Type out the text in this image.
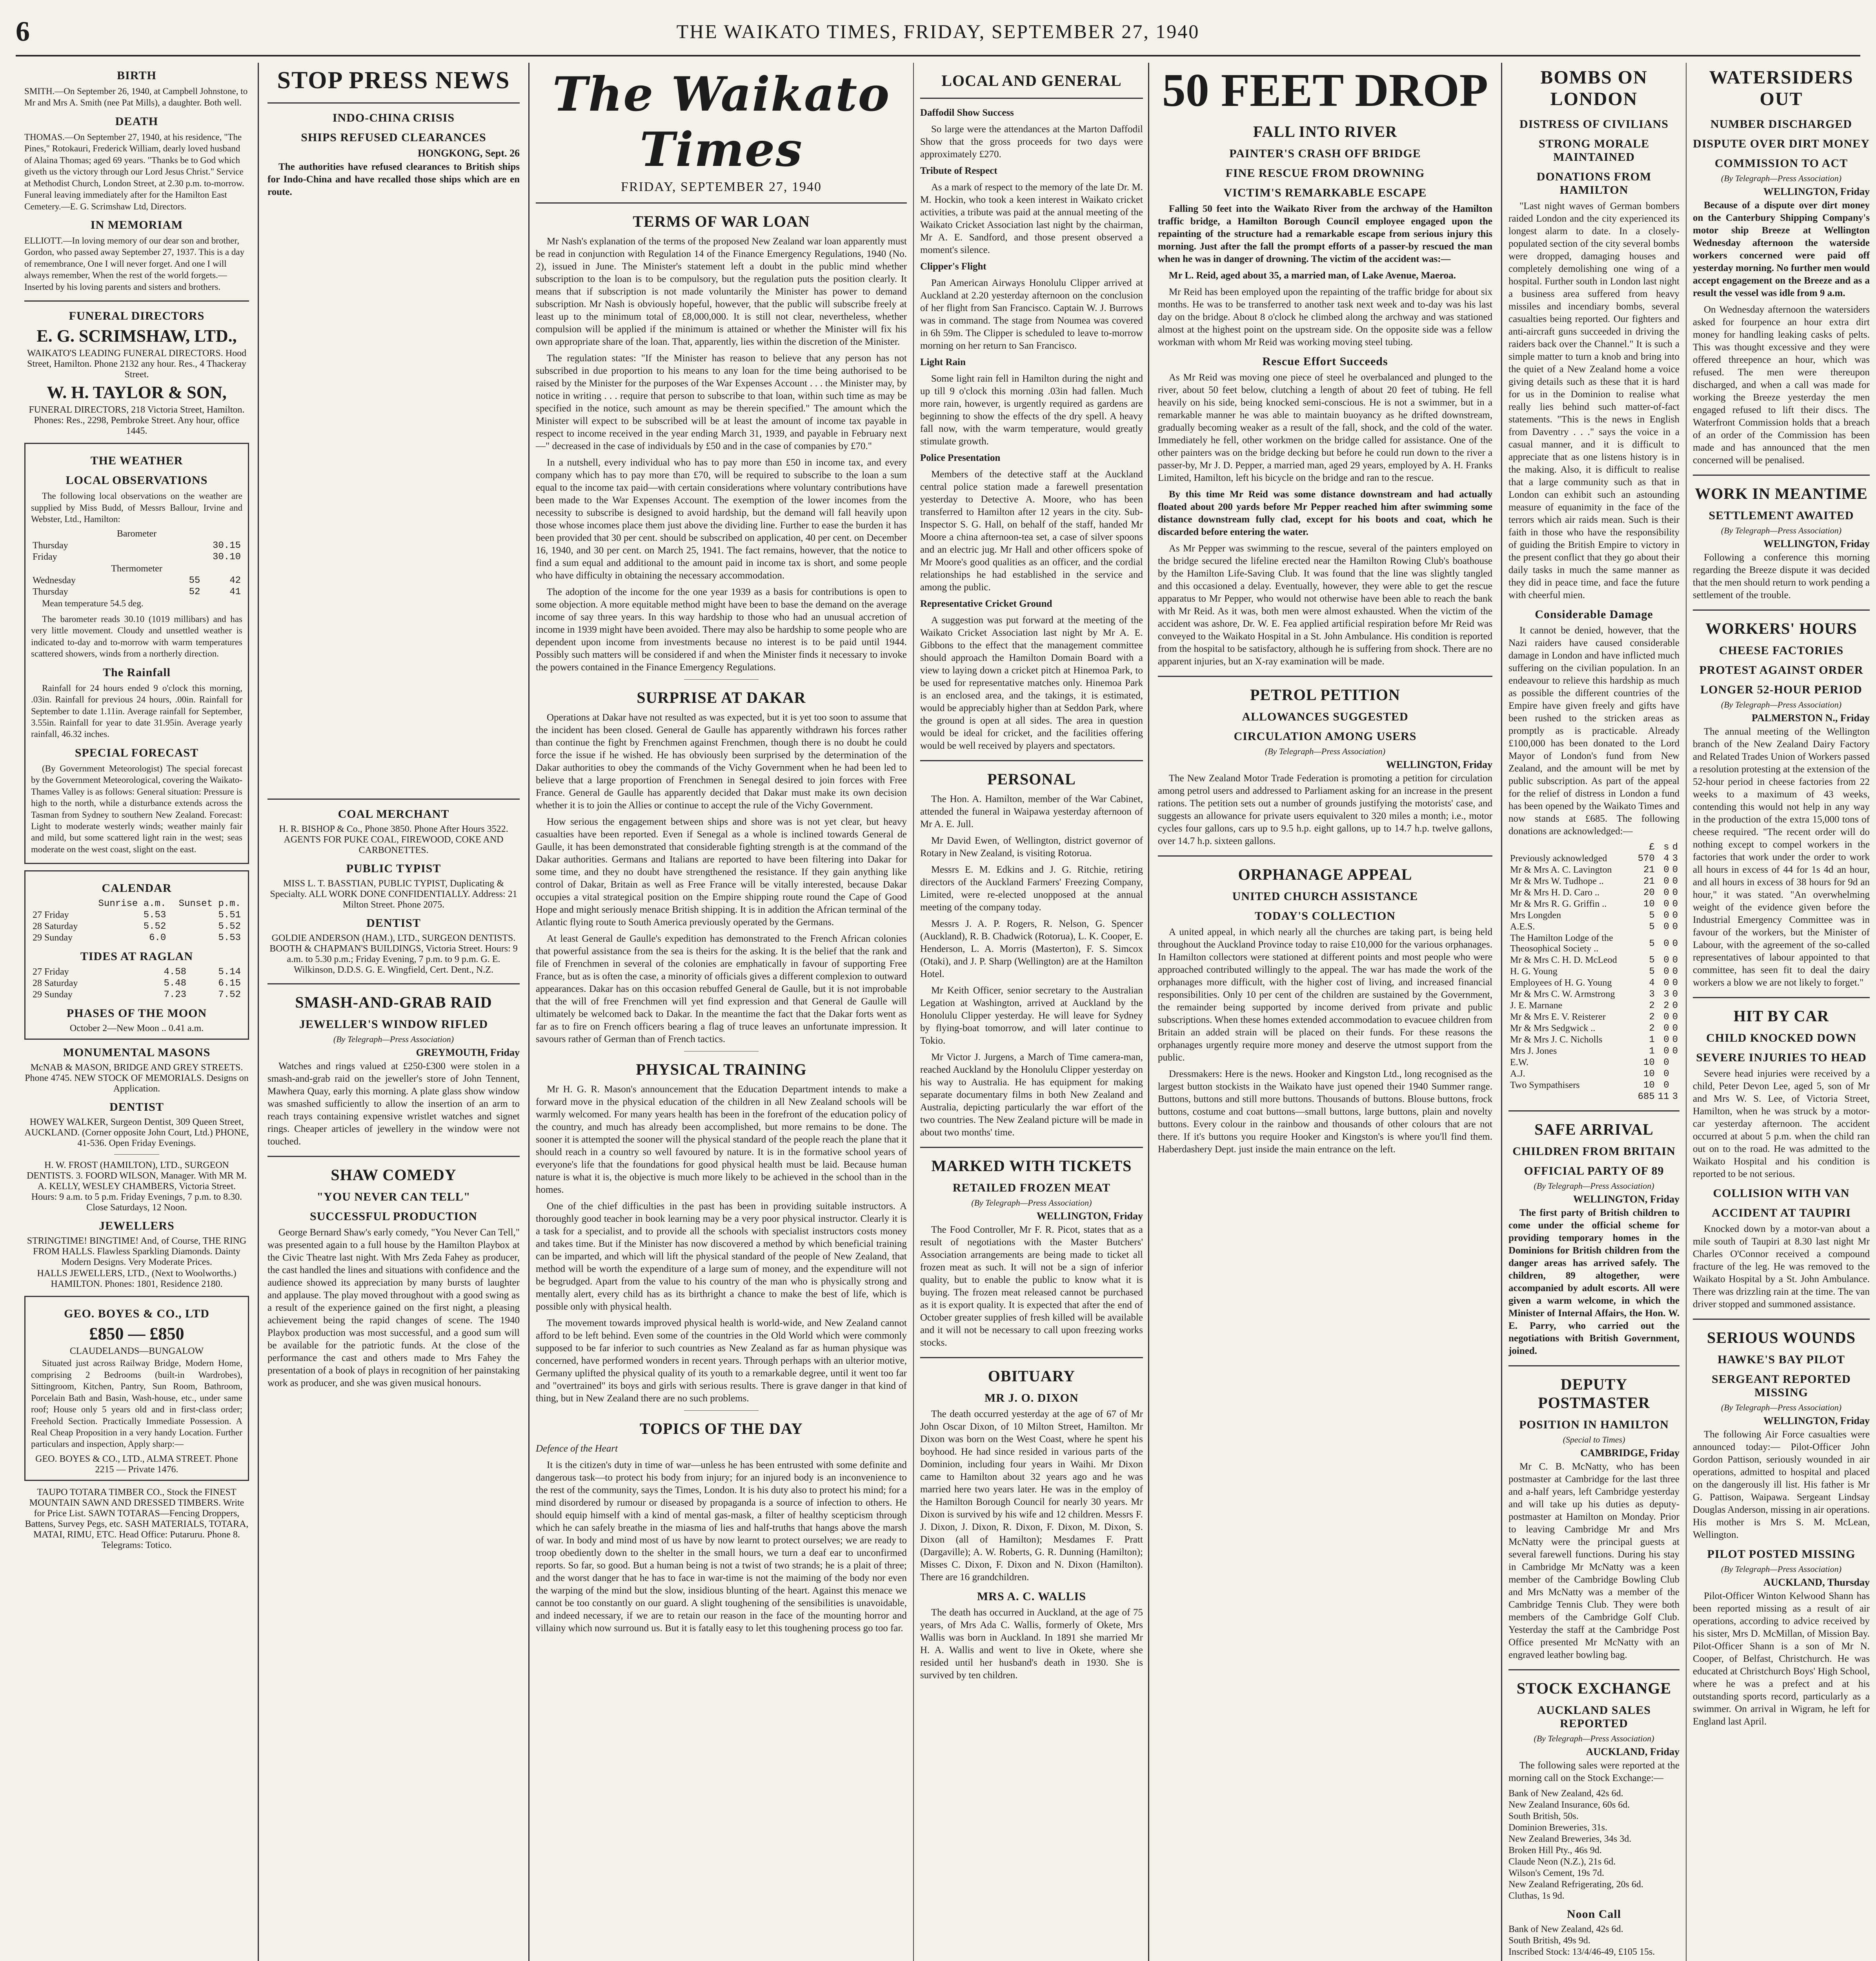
6	THE WAIKATO TIMES, FRIDAY, SEPTEMBER 27, 1940
BIRTH

SMITH.—On September 26, 1940, at Campbell Johnstone, to Mr and Mrs A. Smith (nee Pat Mills), a daughter. Both well.

DEATH

THOMAS.—On September 27, 1940, at his residence, "The Pines," Rotokauri, Frederick William, dearly loved husband of Alaina Thomas; aged 69 years. "Thanks be to God which giveth us the victory through our Lord Jesus Christ." Service at Methodist Church, London Street, at 2.30 p.m. to-morrow. Funeral leaving immediately after for the Hamilton East Cemetery.—E. G. Scrimshaw Ltd, Directors.

IN MEMORIAM

ELLIOTT.—In loving memory of our dear son and brother, Gordon, who passed away September 27, 1937. This is a day of remembrance, One I will never forget. And one I will always remember, When the rest of the world forgets.—Inserted by his loving parents and sisters and brothers.

FUNERAL DIRECTORS
E. G. SCRIMSHAW, LTD.,
WAIKATO'S LEADING FUNERAL DIRECTORS. Hood Street, Hamilton. Phone 2132 any hour. Res., 4 Thackeray Street.
W. H. TAYLOR & SON,
FUNERAL DIRECTORS, 218 Victoria Street, Hamilton. Phones: Res., 2298, Pembroke Street. Any hour, office 1445.
THE WEATHER
LOCAL OBSERVATIONS

The following local observations on the weather are supplied by Miss Budd, of Messrs Ballour, Irvine and Webster, Ltd., Hamilton:

Barometer
Thursday	30.15
Friday	30.10
Thermometer
Wednesday	55	42
Thursday	52	41

Mean temperature 54.5 deg.

The barometer reads 30.10 (1019 millibars) and has very little movement. Cloudy and unsettled weather is indicated to-day and to-morrow with warm temperatures scattered showers, winds from a northerly direction.

The Rainfall

Rainfall for 24 hours ended 9 o'clock this morning, .03in. Rainfall for previous 24 hours, .00in. Rainfall for September to date 1.11in. Average rainfall for September, 3.55in. Rainfall for year to date 31.95in. Average yearly rainfall, 46.32 inches.

SPECIAL FORECAST

(By Government Meteorologist) The special forecast by the Government Meteorological, covering the Waikato-Thames Valley is as follows: General situation: Pressure is high to the north, while a disturbance extends across the Tasman from Sydney to southern New Zealand. Forecast: Light to moderate westerly winds; weather mainly fair and mild, but some scattered light rain in the west; seas moderate on the west coast, slight on the east.

CALENDAR
	Sunrise a.m.	Sunset p.m.
27 Friday	5.53	5.51
28 Saturday	5.52	5.52
29 Sunday	6.0	5.53
TIDES AT RAGLAN
27 Friday	4.58	5.14
28 Saturday	5.48	6.15
29 Sunday	7.23	7.52
PHASES OF THE MOON
October 2—New Moon .. 0.41 a.m.
MONUMENTAL MASONS
McNAB & MASON, BRIDGE AND GREY STREETS. Phone 4745. NEW STOCK OF MEMORIALS. Designs on Application.
DENTIST
HOWEY WALKER, Surgeon Dentist, 309 Queen Street, AUCKLAND. (Corner opposite John Court, Ltd.) PHONE, 41-536. Open Friday Evenings.
H. W. FROST (HAMILTON), LTD., SURGEON DENTISTS. 3. FOORD WILSON, Manager. With MR M. A. KELLY, WESLEY CHAMBERS, Victoria Street. Hours: 9 a.m. to 5 p.m. Friday Evenings, 7 p.m. to 8.30. Close Saturdays, 12 Noon.
JEWELLERS
STRINGTIME! BINGTIME! And, of Course, THE RING FROM HALLS. Flawless Sparkling Diamonds. Dainty Modern Designs. Very Moderate Prices.
HALLS JEWELLERS, LTD., (Next to Woolworths.) HAMILTON. Phones: 1801, Residence 2180.
GEO. BOYES & CO., LTD
£850 — £850
CLAUDELANDS—BUNGALOW

Situated just across Railway Bridge, Modern Home, comprising 2 Bedrooms (built-in Wardrobes), Sittingroom, Kitchen, Pantry, Sun Room, Bathroom, Porcelain Bath and Basin, Wash-house, etc., under same roof; House only 5 years old and in first-class order; Freehold Section. Practically Immediate Possession. A Real Cheap Proposition in a very handy Location. Further particulars and inspection, Apply sharp:—

GEO. BOYES & CO., LTD., ALMA STREET. Phone 2215 — Private 1476.
TAUPO TOTARA TIMBER CO., Stock the FINEST MOUNTAIN SAWN AND DRESSED TIMBERS. Write for Price List. SAWN TOTARAS—Fencing Droppers, Battens, Survey Pegs, etc. SASH MATERIALS, TOTARA, MATAI, RIMU, ETC. Head Office: Putaruru. Phone 8. Telegrams: Totico.
STOP PRESS NEWS
INDO-CHINA CRISIS
SHIPS REFUSED CLEARANCES
HONGKONG, Sept. 26

The authorities have refused clearances to British ships for Indo-China and have recalled those ships which are en route.

COAL MERCHANT
H. R. BISHOP & Co., Phone 3850. Phone After Hours 3522. AGENTS FOR PUKE COAL, FIREWOOD, COKE AND CARBONETTES.
PUBLIC TYPIST
MISS L. T. BASSTIAN, PUBLIC TYPIST, Duplicating & Specialty. ALL WORK DONE CONFIDENTIALLY. Address: 21 Milton Street. Phone 2075.
DENTIST
GOLDIE ANDERSON (HAM.), LTD., SURGEON DENTISTS. BOOTH & CHAPMAN'S BUILDINGS, Victoria Street. Hours: 9 a.m. to 5.30 p.m.; Friday Evening, 7 p.m. to 9 p.m. G. E. Wilkinson, D.D.S. G. E. Wingfield, Cert. Dent., N.Z.
SMASH-AND-GRAB RAID
JEWELLER'S WINDOW RIFLED
(By Telegraph—Press Association)
GREYMOUTH, Friday

Watches and rings valued at £250-£300 were stolen in a smash-and-grab raid on the jeweller's store of John Tennent, Mawhera Quay, early this morning. A plate glass show window was smashed sufficiently to allow the insertion of an arm to reach trays containing expensive wristlet watches and signet rings. Cheaper articles of jewellery in the window were not touched.

SHAW COMEDY
"YOU NEVER CAN TELL"
SUCCESSFUL PRODUCTION

George Bernard Shaw's early comedy, "You Never Can Tell," was presented again to a full house by the Hamilton Playbox at the Civic Theatre last night. With Mrs Zeda Fahey as producer, the cast handled the lines and situations with confidence and the audience showed its appreciation by many bursts of laughter and applause. The play moved throughout with a good swing as a result of the experience gained on the first night, a pleasing achievement being the rapid changes of scene. The 1940 Playbox production was most successful, and a good sum will be available for the patriotic funds. At the close of the performance the cast and others made to Mrs Fahey the presentation of a book of plays in recognition of her painstaking work as producer, and she was given musical honours.

The Waikato Times
FRIDAY, SEPTEMBER 27, 1940
TERMS OF WAR LOAN

Mr Nash's explanation of the terms of the proposed New Zealand war loan apparently must be read in conjunction with Regulation 14 of the Finance Emergency Regulations, 1940 (No. 2), issued in June. The Minister's statement left a doubt in the public mind whether subscription to the loan is to be compulsory, but the regulation puts the position clearly. It means that if subscription is not made voluntarily the Minister has power to demand subscription. Mr Nash is obviously hopeful, however, that the public will subscribe freely at least up to the minimum total of £8,000,000. It is still not clear, nevertheless, whether compulsion will be applied if the minimum is attained or whether the Minister will fix his own appropriate share of the loan. That, apparently, lies within the discretion of the Minister.

The regulation states: "If the Minister has reason to believe that any person has not subscribed in due proportion to his means to any loan for the time being authorised to be raised by the Minister for the purposes of the War Expenses Account . . . the Minister may, by notice in writing . . . require that person to subscribe to that loan, within such time as may be specified in the notice, such amount as may be therein specified." The amount which the Minister will expect to be subscribed will be at least the amount of income tax payable in respect to income received in the year ending March 31, 1939, and payable in February next—" decreased in the case of individuals by £50 and in the case of companies by £70."

In a nutshell, every individual who has to pay more than £50 in income tax, and every company which has to pay more than £70, will be required to subscribe to the loan a sum equal to the income tax paid—with certain considerations where voluntary contributions have been made to the War Expenses Account. The exemption of the lower incomes from the necessity to subscribe is designed to avoid hardship, but the demand will fall heavily upon those whose incomes place them just above the dividing line. Further to ease the burden it has been provided that 30 per cent. should be subscribed on application, 40 per cent. on December 16, 1940, and 30 per cent. on March 25, 1941. The fact remains, however, that the notice to find a sum equal and additional to the amount paid in income tax is short, and some people who have difficulty in obtaining the necessary accommodation.

The adoption of the income for the one year 1939 as a basis for contributions is open to some objection. A more equitable method might have been to base the demand on the average income of say three years. In this way hardship to those who had an unusual accretion of income in 1939 might have been avoided. There may also be hardship to some people who are dependent upon income from investments because no interest is to be paid until 1944. Possibly such matters will be considered if and when the Minister finds it necessary to invoke the powers contained in the Finance Emergency Regulations.

SURPRISE AT DAKAR

Operations at Dakar have not resulted as was expected, but it is yet too soon to assume that the incident has been closed. General de Gaulle has apparently withdrawn his forces rather than continue the fight by Frenchmen against Frenchmen, though there is no doubt he could force the issue if he wished. He has obviously been surprised by the determination of the Dakar authorities to obey the commands of the Vichy Government when he had been led to believe that a large proportion of Frenchmen in Senegal desired to join forces with Free France. General de Gaulle has apparently decided that Dakar must make its own decision whether it is to join the Allies or continue to accept the rule of the Vichy Government.

How serious the engagement between ships and shore was is not yet clear, but heavy casualties have been reported. Even if Senegal as a whole is inclined towards General de Gaulle, it has been demonstrated that considerable fighting strength is at the command of the Dakar authorities. Germans and Italians are reported to have been filtering into Dakar for some time, and they no doubt have strengthened the resistance. If they gain anything like control of Dakar, Britain as well as Free France will be vitally interested, because Dakar occupies a vital strategical position on the Empire shipping route round the Cape of Good Hope and might seriously menace British shipping. It is in addition the African terminal of the Atlantic flying route to South America previously operated by the Germans.

At least General de Gaulle's expedition has demonstrated to the French African colonies that powerful assistance from the sea is theirs for the asking. It is the belief that the rank and file of Frenchmen in several of the colonies are emphatically in favour of supporting Free France, but as is often the case, a minority of officials gives a different complexion to outward appearances. Dakar has on this occasion rebuffed General de Gaulle, but it is not improbable that the will of free Frenchmen will yet find expression and that General de Gaulle will ultimately be welcomed back to Dakar. In the meantime the fact that the Dakar forts went as far as to fire on French officers bearing a flag of truce leaves an unfortunate impression. It savours rather of German than of French tactics.

PHYSICAL TRAINING

Mr H. G. R. Mason's announcement that the Education Department intends to make a forward move in the physical education of the children in all New Zealand schools will be warmly welcomed. For many years health has been in the forefront of the education policy of the country, and much has already been accomplished, but more remains to be done. The sooner it is attempted the sooner will the physical standard of the people reach the plane that it should reach in a country so well favoured by nature. It is in the formative school years of everyone's life that the foundations for good physical health must be laid. Because human nature is what it is, the objective is much more likely to be achieved in the school than in the homes.

One of the chief difficulties in the past has been in providing suitable instructors. A thoroughly good teacher in book learning may be a very poor physical instructor. Clearly it is a task for a specialist, and to provide all the schools with specialist instructors costs money and takes time. But if the Minister has now discovered a method by which beneficial training can be imparted, and which will lift the physical standard of the people of New Zealand, that method will be worth the expenditure of a large sum of money, and the expenditure will not be begrudged. Apart from the value to his country of the man who is physically strong and mentally alert, every child has as its birthright a chance to make the best of life, which is possible only with physical health.

The movement towards improved physical health is world-wide, and New Zealand cannot afford to be left behind. Even some of the countries in the Old World which were commonly supposed to be far inferior to such countries as New Zealand as far as human physique was concerned, have performed wonders in recent years. Through perhaps with an ulterior motive, Germany uplifted the physical quality of its youth to a remarkable degree, until it went too far and "overtrained" its boys and girls with serious results. There is grave danger in that kind of thing, but in New Zealand there are no such problems.

TOPICS OF THE DAY

Defence of the Heart

It is the citizen's duty in time of war—unless he has been entrusted with some definite and dangerous task—to protect his body from injury; for an injured body is an inconvenience to the rest of the community, says the Times, London. It is his duty also to protect his mind; for a mind disordered by rumour or diseased by propaganda is a source of infection to others. He should equip himself with a kind of mental gas-mask, a filter of healthy scepticism through which he can safely breathe in the miasma of lies and half-truths that hangs above the marsh of war. In body and mind most of us have by now learnt to protect ourselves; we are ready to troop obediently down to the shelter in the small hours, we turn a deaf ear to unconfirmed reports. So far, so good. But a human being is not a twist of two strands; he is a plait of three; and the worst danger that he has to face in war-time is not the maiming of the body nor even the warping of the mind but the slow, insidious blunting of the heart. Against this menace we cannot be too constantly on our guard. A slight toughening of the sensibilities is unavoidable, and indeed necessary, if we are to retain our reason in the face of the mounting horror and villainy which now surround us. But it is fatally easy to let this toughening process go too far.

LOCAL AND GENERAL

Daffodil Show Success

So large were the attendances at the Marton Daffodil Show that the gross proceeds for two days were approximately £270.

Tribute of Respect

As a mark of respect to the memory of the late Dr. M. M. Hockin, who took a keen interest in Waikato cricket activities, a tribute was paid at the annual meeting of the Waikato Cricket Association last night by the chairman, Mr A. E. Sandford, and those present observed a moment's silence.

Clipper's Flight

Pan American Airways Honolulu Clipper arrived at Auckland at 2.20 yesterday afternoon on the conclusion of her flight from San Francisco. Captain W. J. Burrows was in command. The stage from Noumea was covered in 6h 59m. The Clipper is scheduled to leave to-morrow morning on her return to San Francisco.

Light Rain

Some light rain fell in Hamilton during the night and up till 9 o'clock this morning .03in had fallen. Much more rain, however, is urgently required as gardens are beginning to show the effects of the dry spell. A heavy fall now, with the warm temperature, would greatly stimulate growth.

Police Presentation

Members of the detective staff at the Auckland central police station made a farewell presentation yesterday to Detective A. Moore, who has been transferred to Hamilton after 12 years in the city. Sub-Inspector S. G. Hall, on behalf of the staff, handed Mr Moore a china afternoon-tea set, a case of silver spoons and an electric jug. Mr Hall and other officers spoke of Mr Moore's good qualities as an officer, and the cordial relationships he had established in the service and among the public.

Representative Cricket Ground

A suggestion was put forward at the meeting of the Waikato Cricket Association last night by Mr A. E. Gibbons to the effect that the management committee should approach the Hamilton Domain Board with a view to laying down a cricket pitch at Hinemoa Park, to be used for representative matches only. Hinemoa Park is an enclosed area, and the takings, it is estimated, would be appreciably higher than at Seddon Park, where the ground is open at all sides. The area in question would be ideal for cricket, and the facilities offering would be well received by players and spectators.

PERSONAL

The Hon. A. Hamilton, member of the War Cabinet, attended the funeral in Waipawa yesterday afternoon of Mr A. E. Jull.

Mr David Ewen, of Wellington, district governor of Rotary in New Zealand, is visiting Rotorua.

Messrs E. M. Edkins and J. G. Ritchie, retiring directors of the Auckland Farmers' Freezing Company, Limited, were re-elected unopposed at the annual meeting of the company today.

Messrs J. A. P. Rogers, R. Nelson, G. Spencer (Auckland), R. B. Chadwick (Rotorua), L. K. Cooper, E. Henderson, L. A. Morris (Masterton), F. S. Simcox (Otaki), and J. P. Sharp (Wellington) are at the Hamilton Hotel.

Mr Keith Officer, senior secretary to the Australian Legation at Washington, arrived at Auckland by the Honolulu Clipper yesterday. He will leave for Sydney by flying-boat tomorrow, and will later continue to Tokio.

Mr Victor J. Jurgens, a March of Time camera-man, reached Auckland by the Honolulu Clipper yesterday on his way to Australia. He has equipment for making separate documentary films in both New Zealand and Australia, depicting particularly the war effort of the two countries. The New Zealand picture will be made in about two months' time.

MARKED WITH TICKETS
RETAILED FROZEN MEAT
(By Telegraph—Press Association)
WELLINGTON, Friday

The Food Controller, Mr F. R. Picot, states that as a result of negotiations with the Master Butchers' Association arrangements are being made to ticket all frozen meat as such. It will not be a sign of inferior quality, but to enable the public to know what it is buying. The frozen meat released cannot be purchased as it is export quality. It is expected that after the end of October greater supplies of fresh killed will be available and it will not be necessary to call upon freezing works stocks.

OBITUARY
MR J. O. DIXON

The death occurred yesterday at the age of 67 of Mr John Oscar Dixon, of 10 Milton Street, Hamilton. Mr Dixon was born on the West Coast, where he spent his boyhood. He had since resided in various parts of the Dominion, including four years in Waihi. Mr Dixon came to Hamilton about 32 years ago and he was married here two years later. He was in the employ of the Hamilton Borough Council for nearly 30 years. Mr Dixon is survived by his wife and 12 children. Messrs F. J. Dixon, J. Dixon, R. Dixon, F. Dixon, M. Dixon, S. Dixon (all of Hamilton); Mesdames F. Pratt (Dargaville); A. W. Roberts, G. R. Dunning (Hamilton); Misses C. Dixon, F. Dixon and N. Dixon (Hamilton). There are 16 grandchildren.

MRS A. C. WALLIS

The death has occurred in Auckland, at the age of 75 years, of Mrs Ada C. Wallis, formerly of Okete, Mrs Wallis was born in Auckland. In 1891 she married Mr H. A. Wallis and went to live in Okete, where she resided until her husband's death in 1930. She is survived by ten children.

50 FEET DROP
FALL INTO RIVER
PAINTER'S CRASH OFF BRIDGE
FINE RESCUE FROM DROWNING
VICTIM'S REMARKABLE ESCAPE

Falling 50 feet into the Waikato River from the archway of the Hamilton traffic bridge, a Hamilton Borough Council employee engaged upon the repainting of the structure had a remarkable escape from serious injury this morning. Just after the fall the prompt efforts of a passer-by rescued the man when he was in danger of drowning. The victim of the accident was:—

Mr L. Reid, aged about 35, a married man, of Lake Avenue, Maeroa.

Mr Reid has been employed upon the repainting of the traffic bridge for about six months. He was to be transferred to another task next week and to-day was his last day on the bridge. About 8 o'clock he climbed along the archway and was stationed almost at the highest point on the upstream side. On the opposite side was a fellow workman with whom Mr Reid was working moving steel tubing.

Rescue Effort Succeeds

As Mr Reid was moving one piece of steel he overbalanced and plunged to the river, about 50 feet below, clutching a length of about 20 feet of tubing. He fell heavily on his side, being knocked semi-conscious. He is not a swimmer, but in a remarkable manner he was able to maintain buoyancy as he drifted downstream, gradually becoming weaker as a result of the fall, shock, and the cold of the water. Immediately he fell, other workmen on the bridge called for assistance. One of the other painters was on the bridge decking but before he could run down to the river a passer-by, Mr J. D. Pepper, a married man, aged 29 years, employed by A. H. Franks Limited, Hamilton, left his bicycle on the bridge and ran to the rescue.

By this time Mr Reid was some distance downstream and had actually floated about 200 yards before Mr Pepper reached him after swimming some distance downstream fully clad, except for his boots and coat, which he discarded before entering the water.

As Mr Pepper was swimming to the rescue, several of the painters employed on the bridge secured the lifeline erected near the Hamilton Rowing Club's boathouse by the Hamilton Life-Saving Club. It was found that the line was slightly tangled and this occasioned a delay. Eventually, however, they were able to get the rescue apparatus to Mr Pepper, who would not otherwise have been able to reach the bank with Mr Reid. As it was, both men were almost exhausted. When the victim of the accident was ashore, Dr. W. E. Fea applied artificial respiration before Mr Reid was conveyed to the Waikato Hospital in a St. John Ambulance. His condition is reported from the hospital to be satisfactory, although he is suffering from shock. There are no apparent injuries, but an X-ray examination will be made.

PETROL PETITION
ALLOWANCES SUGGESTED
CIRCULATION AMONG USERS
(By Telegraph—Press Association)
WELLINGTON, Friday

The New Zealand Motor Trade Federation is promoting a petition for circulation among petrol users and addressed to Parliament asking for an increase in the present rations. The petition sets out a number of grounds justifying the motorists' case, and suggests an allowance for private users equivalent to 320 miles a month; i.e., motor cycles four gallons, cars up to 9.5 h.p. eight gallons, up to 14.7 h.p. twelve gallons, over 14.7 h.p. sixteen gallons.

ORPHANAGE APPEAL
UNITED CHURCH ASSISTANCE
TODAY'S COLLECTION

A united appeal, in which nearly all the churches are taking part, is being held throughout the Auckland Province today to raise £10,000 for the various orphanages. In Hamilton collectors were stationed at different points and most people who were approached contributed willingly to the appeal. The war has made the work of the orphanages more difficult, with the higher cost of living, and increased financial responsibilities. Only 10 per cent of the children are sustained by the Government, the remainder being supported by income derived from private and public subscriptions. When these homes extended accommodation to evacuee children from Britain an added strain will be placed on their funds. For these reasons the orphanages urgently require more money and deserve the utmost support from the public.

Dressmakers: Here is the news. Hooker and Kingston Ltd., long recognised as the largest button stockists in the Waikato have just opened their 1940 Summer range. Buttons, buttons and still more buttons. Thousands of buttons. Blouse buttons, frock buttons, costume and coat buttons—small buttons, large buttons, plain and novelty buttons. Every colour in the rainbow and thousands of other colours that are not there. If it's buttons you require Hooker and Kingston's is where you'll find them. Haberdashery Dept. just inside the main entrance on the left.

BOMBS ON LONDON
DISTRESS OF CIVILIANS
STRONG MORALE MAINTAINED
DONATIONS FROM HAMILTON

"Last night waves of German bombers raided London and the city experienced its longest alarm to date. In a closely-populated section of the city several bombs were dropped, damaging houses and completely demolishing one wing of a hospital. Further south in London last night a business area suffered from heavy missiles and incendiary bombs, several casualties being reported. Our fighters and anti-aircraft guns succeeded in driving the raiders back over the Channel." It is such a simple matter to turn a knob and bring into the quiet of a New Zealand home a voice giving details such as these that it is hard for us in the Dominion to realise what really lies behind such matter-of-fact statements. "This is the news in English from Daventry . . ." says the voice in a casual manner, and it is difficult to appreciate that as one listens history is in the making. Also, it is difficult to realise that a large community such as that in London can exhibit such an astounding measure of equanimity in the face of the terrors which air raids mean. Such is their faith in those who have the responsibility of guiding the British Empire to victory in the present conflict that they go about their daily tasks in much the same manner as they did in peace time, and face the future with cheerful mien.

Considerable Damage

It cannot be denied, however, that the Nazi raiders have caused considerable damage in London and have inflicted much suffering on the civilian population. In an endeavour to relieve this hardship as much as possible the different countries of the Empire have given freely and gifts have been rushed to the stricken areas as promptly as is practicable. Already £100,000 has been donated to the Lord Mayor of London's fund from New Zealand, and the amount will be met by public subscription. As part of the appeal for the relief of distress in London a fund has been opened by the Waikato Times and now stands at £685. The following donations are acknowledged:—

	£	s	d
Previously acknowledged	570	4	3
Mr & Mrs A. C. Lavington	21	0	0
Mr & Mrs W. Tudhope ..	21	0	0
Mr & Mrs H. D. Caro ..	20	0	0
Mr & Mrs R. G. Griffin ..	10	0	0
Mrs Longden	5	0	0
A.E.S.	5	0	0
The Hamilton Lodge of the Theosophical Society ..	5	0	0
Mr & Mrs C. H. D. McLeod	5	0	0
H. G. Young	5	0	0
Employees of H. G. Young	4	0	0
Mr & Mrs C. W. Armstrong	3	3	0
J. E. Marnane	2	2	0
Mr & Mrs E. V. Reisterer	2	0	0
Mr & Mrs Sedgwick ..	2	0	0
Mr & Mrs J. C. Nicholls	1	0	0
Mrs J. Jones	1	0	0
E.W.	10	0	
A.J.	10	0	
Two Sympathisers	10	0	
	685	11	3
SAFE ARRIVAL
CHILDREN FROM BRITAIN
OFFICIAL PARTY OF 89
(By Telegraph—Press Association)
WELLINGTON, Friday

The first party of British children to come under the official scheme for providing temporary homes in the Dominions for British children from the danger areas has arrived safely. The children, 89 altogether, were accompanied by adult escorts. All were given a warm welcome, in which the Minister of Internal Affairs, the Hon. W. E. Parry, who carried out the negotiations with British Government, joined.

DEPUTY POSTMASTER
POSITION IN HAMILTON
(Special to Times)
CAMBRIDGE, Friday

Mr C. B. McNatty, who has been postmaster at Cambridge for the last three and a-half years, left Cambridge yesterday and will take up his duties as deputy-postmaster at Hamilton on Monday. Prior to leaving Cambridge Mr and Mrs McNatty were the principal guests at several farewell functions. During his stay in Cambridge Mr McNatty was a keen member of the Cambridge Bowling Club and Mrs McNatty was a member of the Cambridge Tennis Club. They were both members of the Cambridge Golf Club. Yesterday the staff at the Cambridge Post Office presented Mr McNatty with an engraved leather bowling bag.

STOCK EXCHANGE
AUCKLAND SALES REPORTED
(By Telegraph—Press Association)
AUCKLAND, Friday

The following sales were reported at the morning call on the Stock Exchange:—

Bank of New Zealand, 42s 6d.
New Zealand Insurance, 60s 6d.
South British, 50s.
Dominion Breweries, 31s.
New Zealand Breweries, 34s 3d.
Broken Hill Pty., 46s 9d.
Claude Neon (N.Z.), 21s 6d.
Wilson's Cement, 19s 7d.
New Zealand Refrigerating, 20s 6d.
Cluthas, 1s 9d.
Noon Call
Bank of New Zealand, 42s 6d.
South British, 49s 9d.
Inscribed Stock: 13/4/46-49, £105 15s.
WATERSIDERS OUT
NUMBER DISCHARGED
DISPUTE OVER DIRT MONEY
COMMISSION TO ACT
(By Telegraph—Press Association)
WELLINGTON, Friday

Because of a dispute over dirt money on the Canterbury Shipping Company's motor ship Breeze at Wellington Wednesday afternoon the waterside workers concerned were paid off yesterday morning. No further men would accept engagement on the Breeze and as a result the vessel was idle from 9 a.m.

On Wednesday afternoon the watersiders asked for fourpence an hour extra dirt money for handling leaking casks of pelts. This was thought excessive and they were offered threepence an hour, which was refused. The men were thereupon discharged, and when a call was made for working the Breeze yesterday the men engaged refused to lift their discs. The Waterfront Commission holds that a breach of an order of the Commission has been made and has announced that the men concerned will be penalised.

WORK IN MEANTIME
SETTLEMENT AWAITED
(By Telegraph—Press Association)
WELLINGTON, Friday

Following a conference this morning regarding the Breeze dispute it was decided that the men should return to work pending a settlement of the trouble.

WORKERS' HOURS
CHEESE FACTORIES
PROTEST AGAINST ORDER
LONGER 52-HOUR PERIOD
(By Telegraph—Press Association)
PALMERSTON N., Friday

The annual meeting of the Wellington branch of the New Zealand Dairy Factory and Related Trades Union of Workers passed a resolution protesting at the extension of the 52-hour period in cheese factories from 22 weeks to a maximum of 43 weeks, contending this would not help in any way in the production of the extra 15,000 tons of cheese required. "The recent order will do nothing except to compel workers in the factories that work under the order to work all hours in excess of 44 for 1s 4d an hour, and all hours in excess of 38 hours for 9d an hour," it was stated. "An overwhelming weight of the evidence given before the Industrial Emergency Committee was in favour of the workers, but the Minister of Labour, with the agreement of the so-called representatives of labour appointed to that committee, has seen fit to deal the dairy workers a blow we are not likely to forget."

HIT BY CAR
CHILD KNOCKED DOWN
SEVERE INJURIES TO HEAD

Severe head injuries were received by a child, Peter Devon Lee, aged 5, son of Mr and Mrs W. S. Lee, of Victoria Street, Hamilton, when he was struck by a motor-car yesterday afternoon. The accident occurred at about 5 p.m. when the child ran out on to the road. He was admitted to the Waikato Hospital and his condition is reported to be not serious.

COLLISION WITH VAN
ACCIDENT AT TAUPIRI

Knocked down by a motor-van about a mile south of Taupiri at 8.30 last night Mr Charles O'Connor received a compound fracture of the leg. He was removed to the Waikato Hospital by a St. John Ambulance. There was drizzling rain at the time. The van driver stopped and summoned assistance.

SERIOUS WOUNDS
HAWKE'S BAY PILOT
SERGEANT REPORTED MISSING
(By Telegraph—Press Association)
WELLINGTON, Friday

The following Air Force casualties were announced today:— Pilot-Officer John Gordon Pattison, seriously wounded in air operations, admitted to hospital and placed on the dangerously ill list. His father is Mr G. Pattison, Waipawa. Sergeant Lindsay Douglas Anderson, missing in air operations. His mother is Mrs S. M. McLean, Wellington.

PILOT POSTED MISSING
(By Telegraph—Press Association)
AUCKLAND, Thursday

Pilot-Officer Winton Kelwood Shann has been reported missing as a result of air operations, according to advice received by his sister, Mrs D. McMillan, of Mission Bay. Pilot-Officer Shann is a son of Mr N. Cooper, of Belfast, Christchurch. He was educated at Christchurch Boys' High School, where he was a prefect and at his outstanding sports record, particularly as a swimmer. On arrival in Wigram, he left for England last April.
